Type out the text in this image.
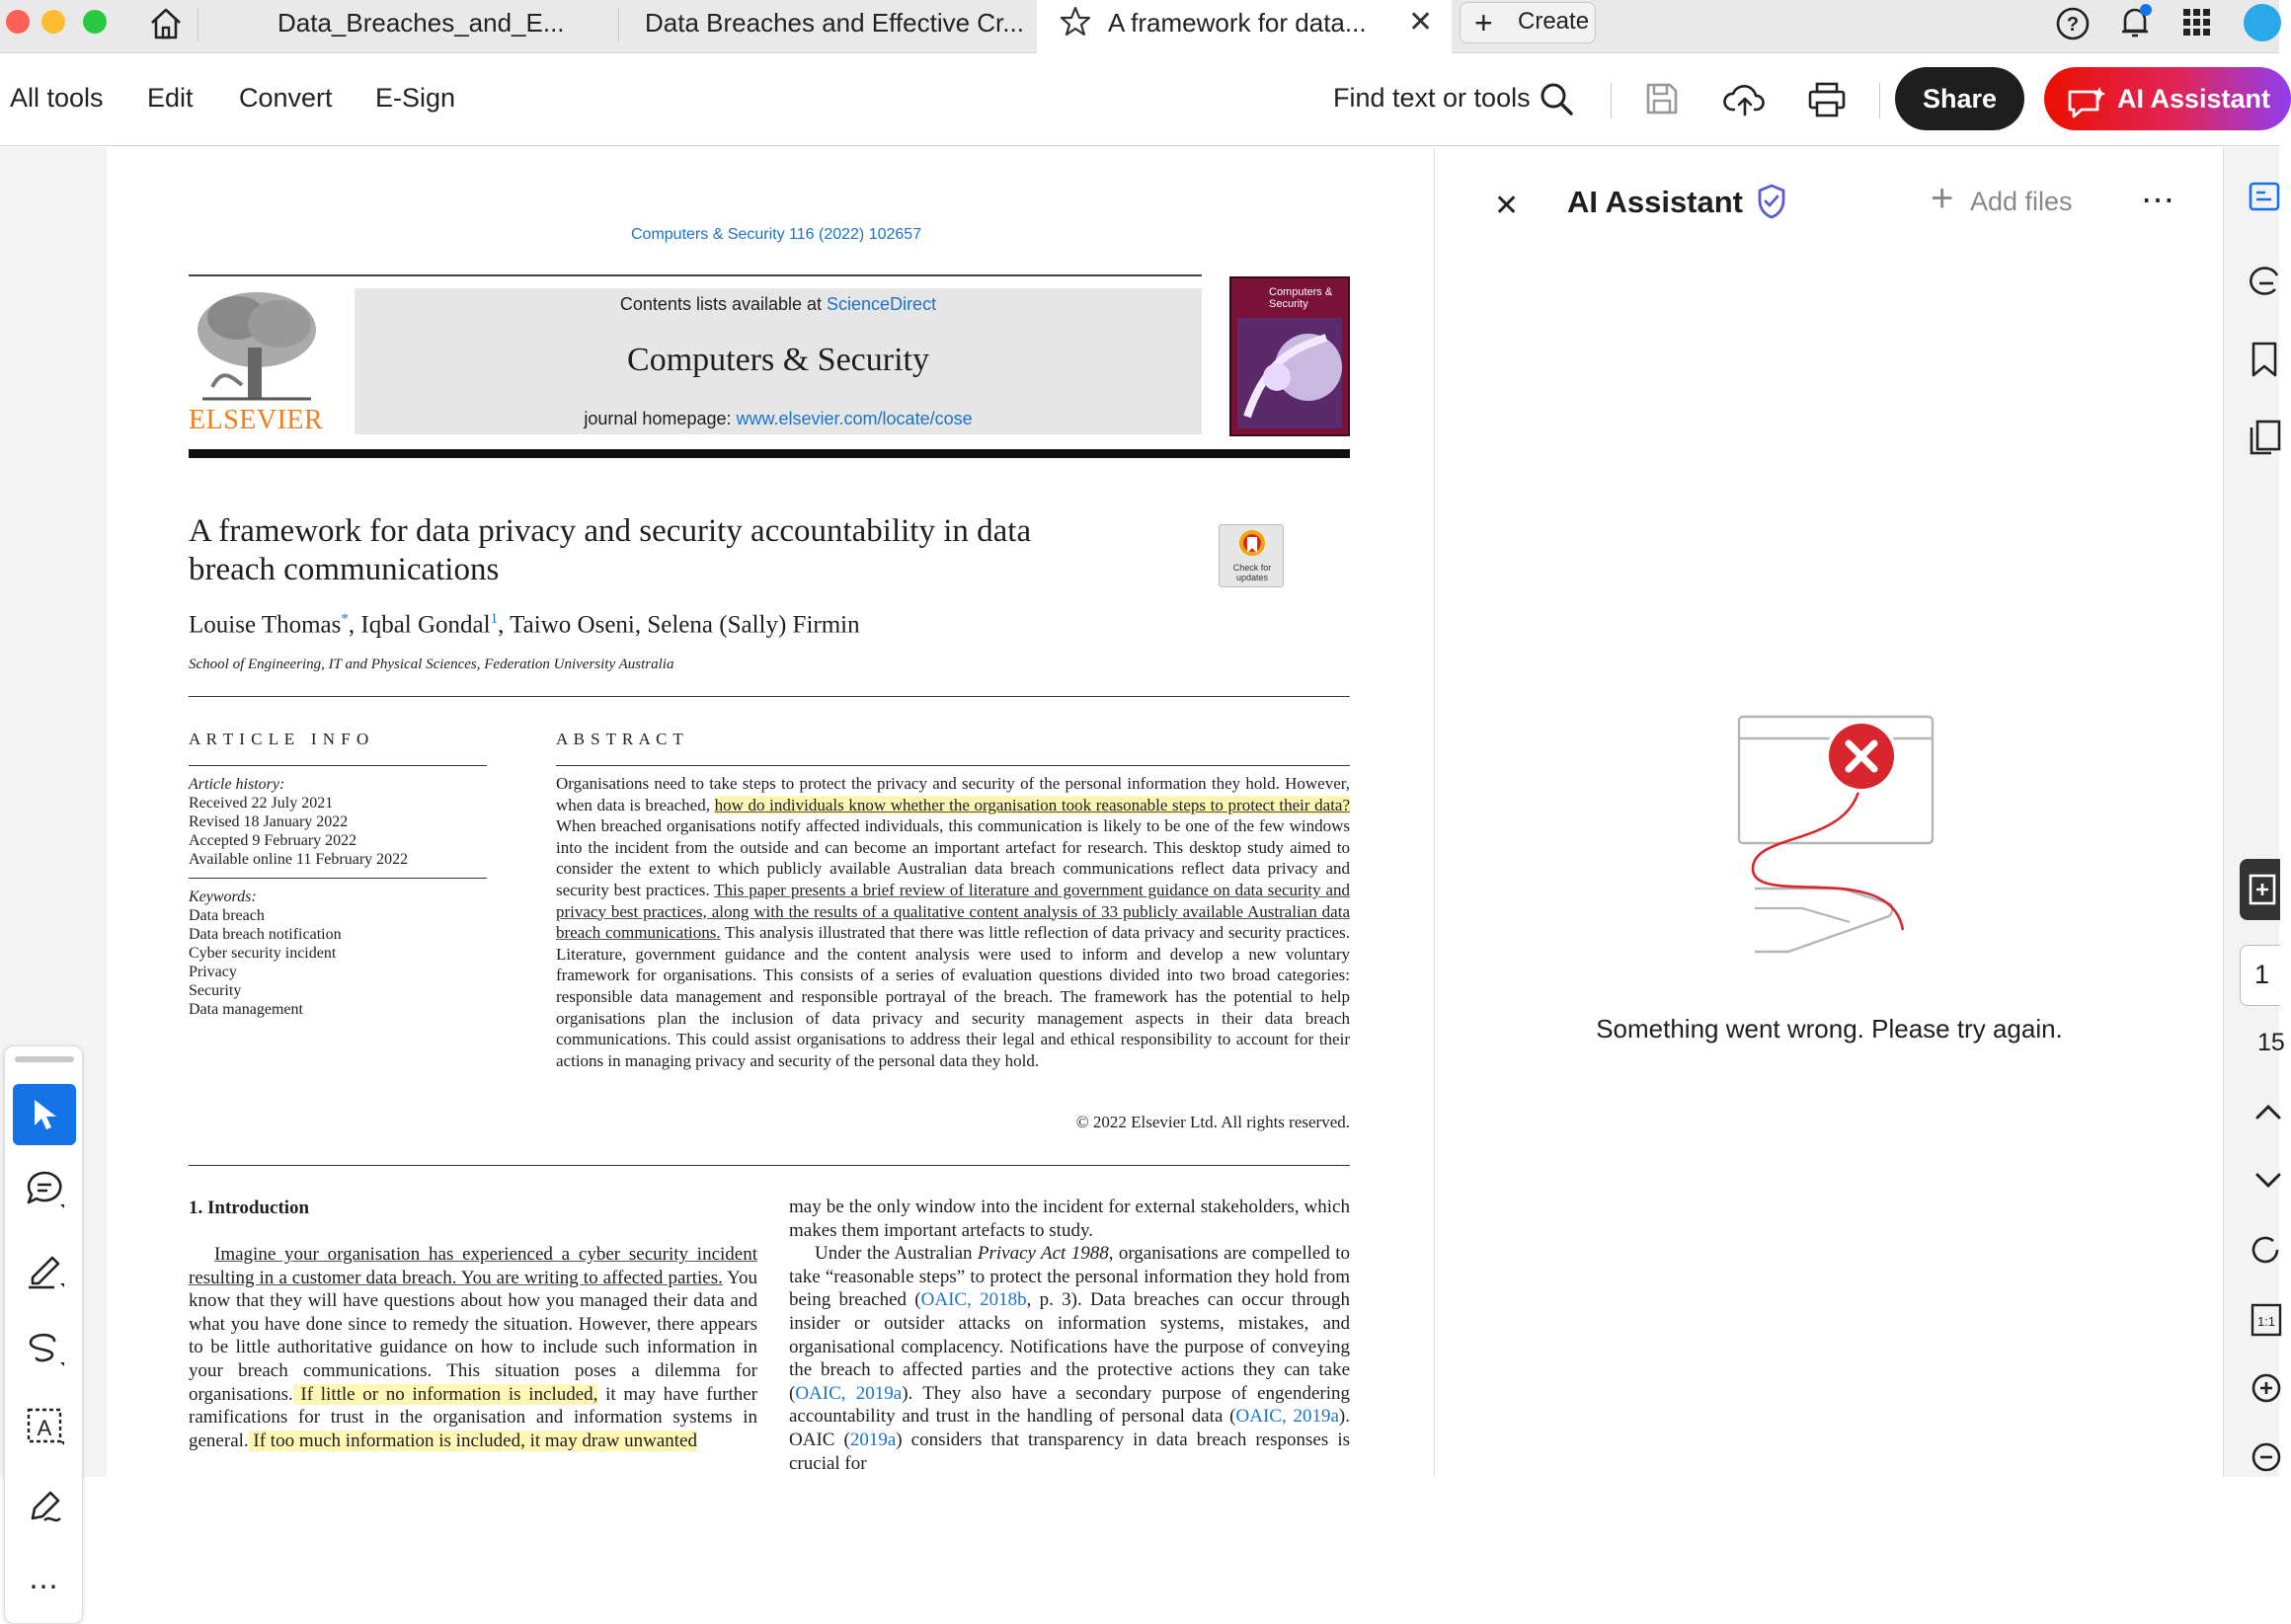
Data_Breaches_and_E...	Data Breaches and Effective Cr...	A framework for data... ✕ + Create	?
All tools Edit Convert E-Sign	Find text or tools	Share	AI Assistant
A
⋯
Computers & Security 116 (2022) 102657
ELSEVIER
Contents lists available at ScienceDirect
Computers & Security
journal homepage: www.elsevier.com/locate/cose
Computers & Security
A framework for data privacy and security accountability in data
breach communications	Check for updates
Louise Thomas*, Iqbal Gondal$^1$, Taiwo Oseni, Selena (Sally) Firmin
School of Engineering, IT and Physical Sciences, Federation University Australia
A R T I C L E   I N F O
Article history:
Received 22 July 2021
Revised 18 January 2022
Accepted 9 February 2022
Available online 11 February 2022
Keywords:
Data breach
Data breach notification
Cyber security incident
Privacy
Security
Data management
A B S T R A C T

Organisations need to take steps to protect the privacy and security of the personal information they hold. However, when data is breached, how do individuals know whether the organisation took reasonable steps to protect their data? When breached organisations notify affected individuals, this communication is likely to be one of the few windows into the incident from the outside and can become an important artefact for research. This desktop study aimed to consider the extent to which publicly available Australian data breach communications reflect data privacy and security best practices. This paper presents a brief review of literature and government guidance on data security and privacy best practices, along with the results of a qualitative content analysis of 33 publicly available Australian data breach communications. This analysis illustrated that there was little reflection of data privacy and security practices. Literature, government guidance and the content analysis were used to inform and develop a new voluntary framework for organisations. This consists of a series of evaluation questions divided into two broad categories: responsible data management and responsible portrayal of the breach. The framework has the potential to help organisations plan the inclusion of data privacy and security management aspects in their data breach communications. This could assist organisations to address their legal and ethical responsibility to account for their actions in managing privacy and security of the personal data they hold.

© 2022 Elsevier Ltd. All rights reserved.
1. Introduction

Imagine your organisation has experienced a cyber security incident resulting in a customer data breach. You are writing to affected parties. You know that they will have questions about how you managed their data and what you have done since to remedy the situation. However, there appears to be little authoritative guidance on how to include such information in your breach communications. This situation poses a dilemma for organisations. If little or no information is included, it may have further ramifications for trust in the organisation and information systems in general. If too much information is included, it may draw unwanted

may be the only window into the incident for external stakeholders, which makes them important artefacts to study.

Under the Australian Privacy Act 1988, organisations are compelled to take “reasonable steps” to protect the personal information they hold from being breached (OAIC, 2018b, p. 3). Data breaches can occur through insider or outsider attacks on information systems, mistakes, and organisational complacency. Notifications have the purpose of conveying the breach to affected parties and the protective actions they can take (OAIC, 2019a). They also have a secondary purpose of engendering accountability and trust in the handling of personal data (OAIC, 2019a). OAIC (2019a) considers that transparency in data breach responses is crucial for

✕ AI Assistant	+ Add files ⋯
Something went wrong. Please try again.
1
15
1:1
